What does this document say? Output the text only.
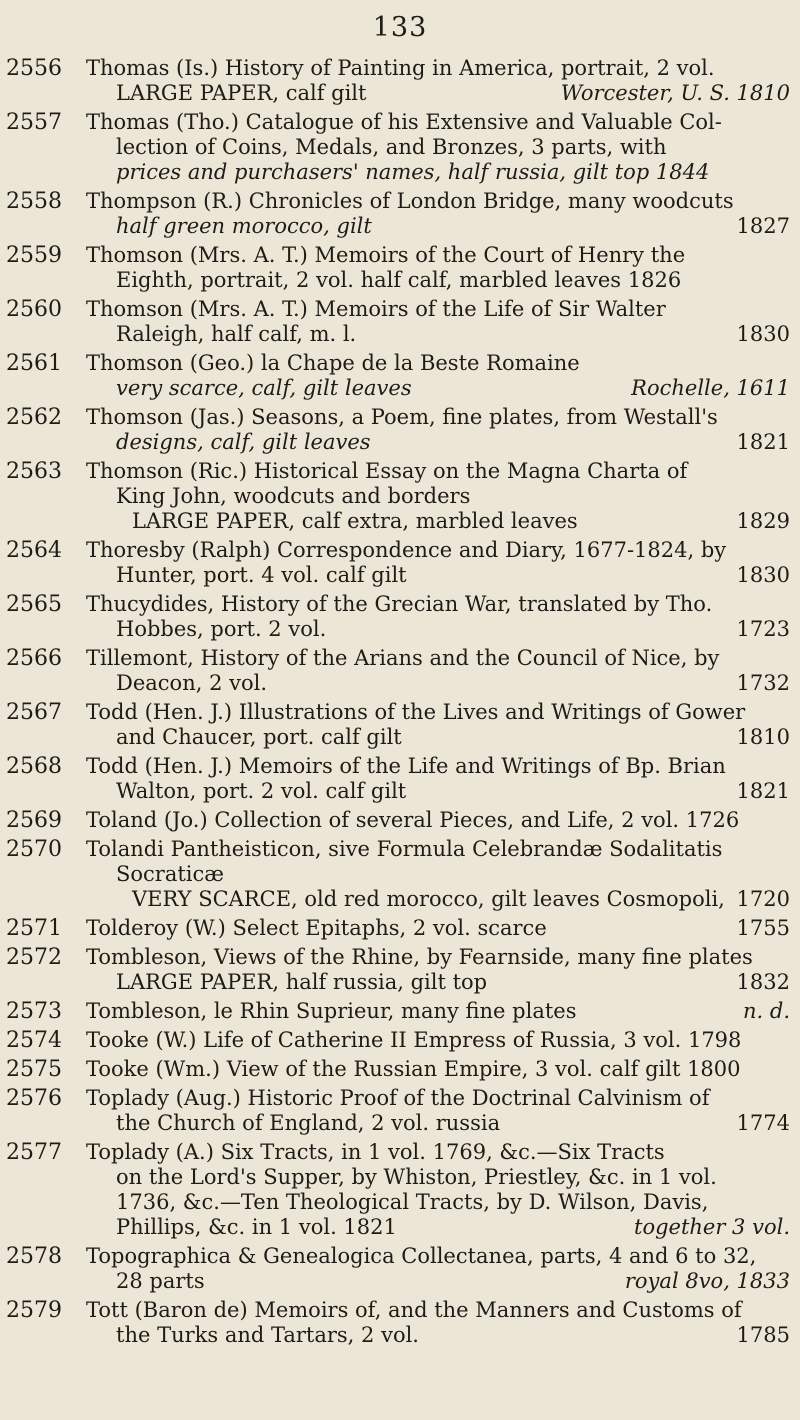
133
2556 Thomas (Is.) History of Painting in America, portrait, 2 vol.
LARGE PAPER, calf gilt	Worcester, U. S. 1810
2557 Thomas (Tho.) Catalogue of his Extensive and Valuable Col-
lection of Coins, Medals, and Bronzes, 3 parts, with
prices and purchasers' names, half russia, gilt top 1844
2558 Thompson (R.) Chronicles of London Bridge, many woodcuts
half green morocco, gilt	1827
2559 Thomson (Mrs. A. T.) Memoirs of the Court of Henry the
Eighth, portrait, 2 vol. half calf, marbled leaves 1826
2560 Thomson (Mrs. A. T.) Memoirs of the Life of Sir Walter
Raleigh, half calf, m. l.	1830
2561 Thomson (Geo.) la Chape de la Beste Romaine
very scarce, calf, gilt leaves	Rochelle, 1611
2562 Thomson (Jas.) Seasons, a Poem, fine plates, from Westall's
designs, calf, gilt leaves	1821
2563 Thomson (Ric.) Historical Essay on the Magna Charta of
King John, woodcuts and borders
LARGE PAPER, calf extra, marbled leaves	1829
2564 Thoresby (Ralph) Correspondence and Diary, 1677-1824, by
Hunter, port. 4 vol. calf gilt	1830
2565 Thucydides, History of the Grecian War, translated by Tho.
Hobbes, port. 2 vol.	1723
2566 Tillemont, History of the Arians and the Council of Nice, by
Deacon, 2 vol.	1732
2567 Todd (Hen. J.) Illustrations of the Lives and Writings of Gower
and Chaucer, port. calf gilt	1810
2568 Todd (Hen. J.) Memoirs of the Life and Writings of Bp. Brian
Walton, port. 2 vol. calf gilt	1821
2569 Toland (Jo.) Collection of several Pieces, and Life, 2 vol. 1726
2570 Tolandi Pantheisticon, sive Formula Celebrandæ Sodalitatis
Socraticæ
VERY SCARCE, old red morocco, gilt leaves Cosmopoli, 1720
2571 Tolderoy (W.) Select Epitaphs, 2 vol. scarce	1755
2572 Tombleson, Views of the Rhine, by Fearnside, many fine plates
LARGE PAPER, half russia, gilt top	1832
2573 Tombleson, le Rhin Suprieur, many fine plates	n. d.
2574 Tooke (W.) Life of Catherine II Empress of Russia, 3 vol. 1798
2575 Tooke (Wm.) View of the Russian Empire, 3 vol. calf gilt 1800
2576 Toplady (Aug.) Historic Proof of the Doctrinal Calvinism of
the Church of England, 2 vol. russia	1774
2577 Toplady (A.) Six Tracts, in 1 vol. 1769, &c.—Six Tracts
on the Lord's Supper, by Whiston, Priestley, &c. in 1 vol.
1736, &c.—Ten Theological Tracts, by D. Wilson, Davis,
Phillips, &c. in 1 vol. 1821	together 3 vol.
2578 Topographica & Genealogica Collectanea, parts, 4 and 6 to 32,
28 parts	royal 8vo, 1833
2579 Tott (Baron de) Memoirs of, and the Manners and Customs of
the Turks and Tartars, 2 vol.	1785
